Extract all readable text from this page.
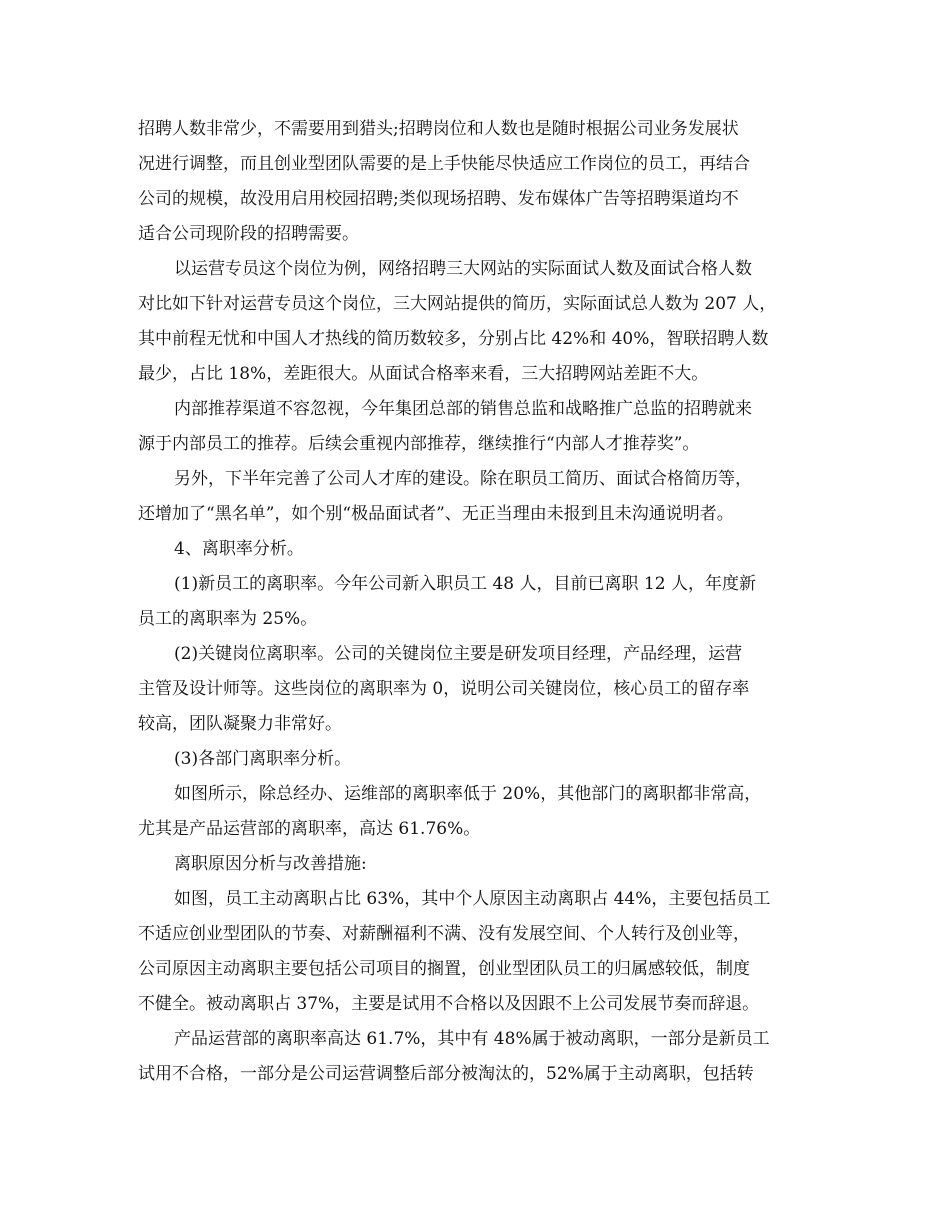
招聘人数非常少，不需要用到猎头;招聘岗位和人数也是随时根据公司业务发展状
况进行调整，而且创业型团队需要的是上手快能尽快适应工作岗位的员工，再结合
公司的规模，故没用启用校园招聘;类似现场招聘、发布媒体广告等招聘渠道均不
适合公司现阶段的招聘需要。
以运营专员这个岗位为例，网络招聘三大网站的实际面试人数及面试合格人数
对比如下针对运营专员这个岗位，三大网站提供的简历，实际面试总人数为 207 人，
其中前程无忧和中国人才热线的简历数较多，分别占比 42%和 40%，智联招聘人数
最少，占比 18%，差距很大。从面试合格率来看，三大招聘网站差距不大。
内部推荐渠道不容忽视，今年集团总部的销售总监和战略推广总监的招聘就来
源于内部员工的推荐。后续会重视内部推荐，继续推行“内部人才推荐奖”。
另外，下半年完善了公司人才库的建设。除在职员工简历、面试合格简历等，
还增加了“黑名单”，如个别“极品面试者”、无正当理由未报到且未沟通说明者。
4、离职率分析。
(1)新员工的离职率。今年公司新入职员工 48 人，目前已离职 12 人，年度新
员工的离职率为 25%。
(2)关键岗位离职率。公司的关键岗位主要是研发项目经理，产品经理，运营
主管及设计师等。这些岗位的离职率为 0，说明公司关键岗位，核心员工的留存率
较高，团队凝聚力非常好。
(3)各部门离职率分析。
如图所示，除总经办、运维部的离职率低于 20%，其他部门的离职都非常高，
尤其是产品运营部的离职率，高达 61.76%。
离职原因分析与改善措施:
如图，员工主动离职占比 63%，其中个人原因主动离职占 44%，主要包括员工
不适应创业型团队的节奏、对薪酬福利不满、没有发展空间、个人转行及创业等，
公司原因主动离职主要包括公司项目的搁置，创业型团队员工的归属感较低，制度
不健全。被动离职占 37%，主要是试用不合格以及因跟不上公司发展节奏而辞退。
产品运营部的离职率高达 61.7%，其中有 48%属于被动离职，一部分是新员工
试用不合格，一部分是公司运营调整后部分被淘汰的，52%属于主动离职，包括转
